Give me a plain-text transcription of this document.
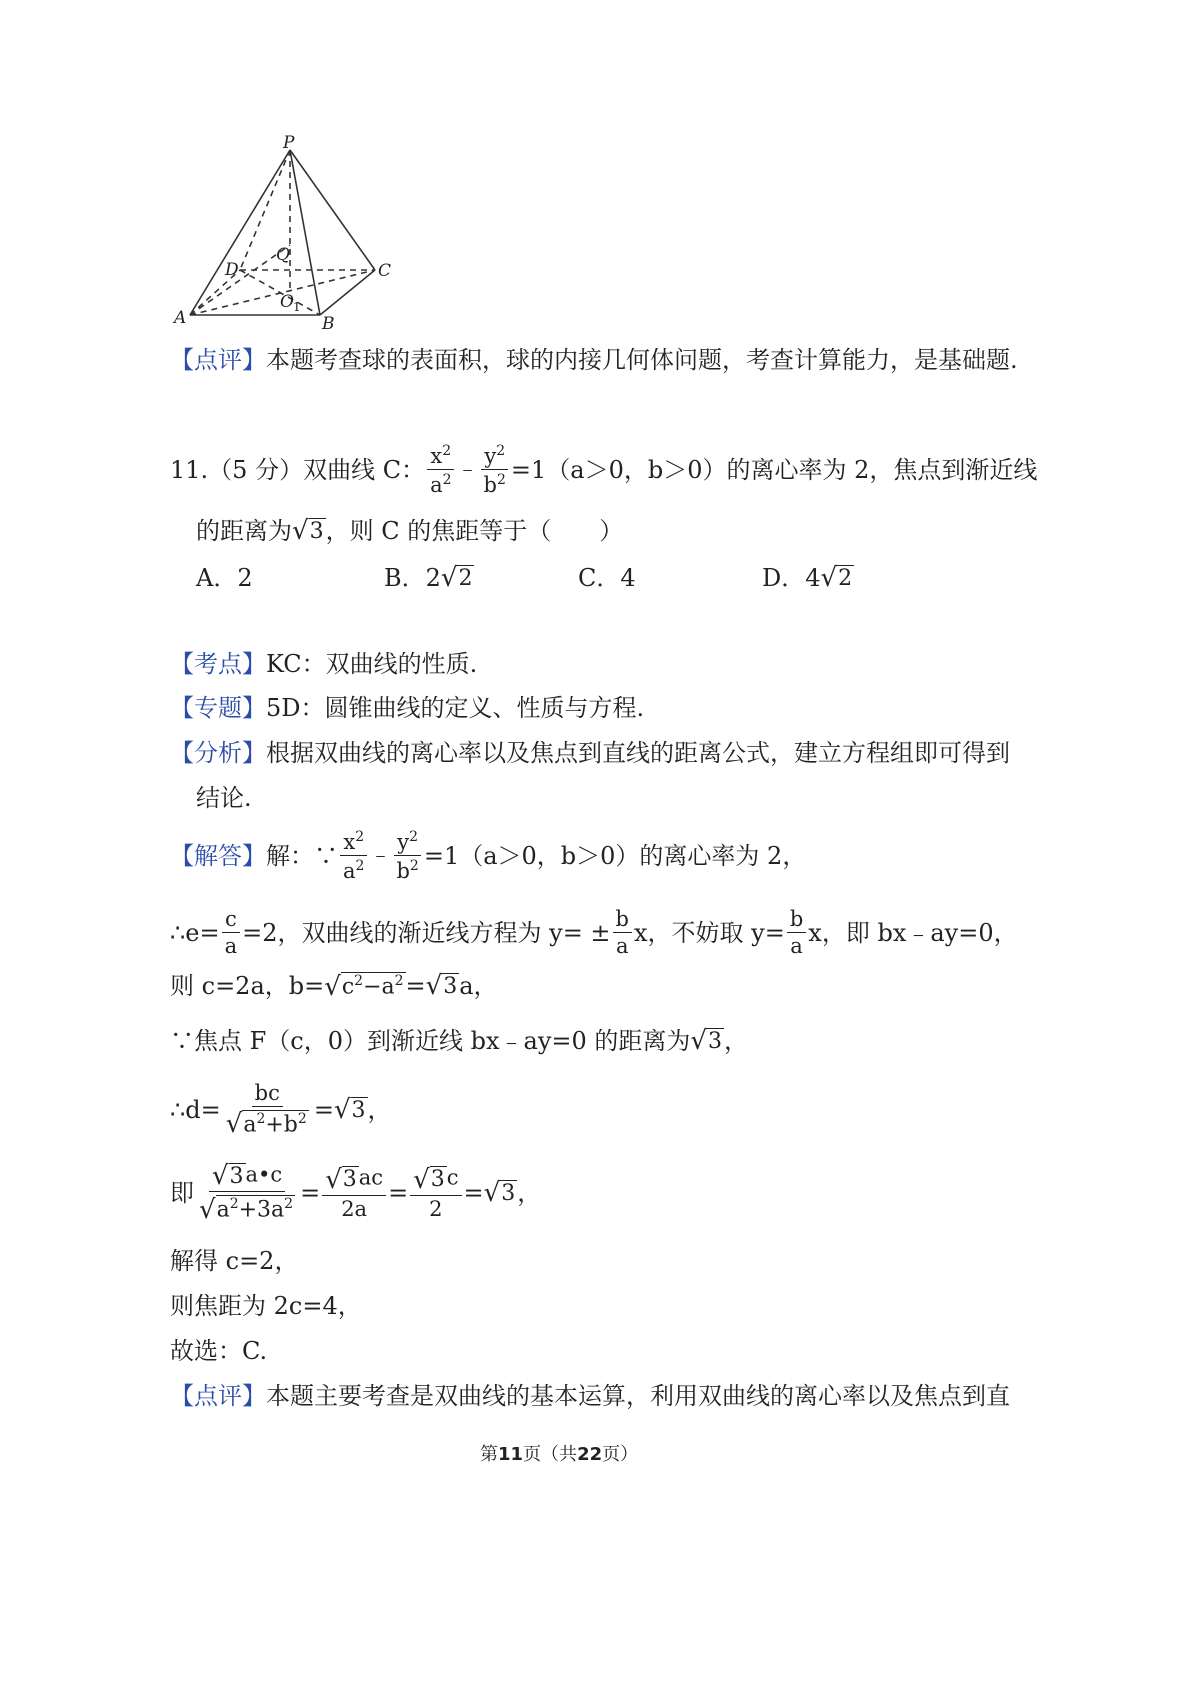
P
Q
D	C
O 1
A	B
【点评】本题考查球的表面积，球的内接几何体问题，考查计算能力，是基础题.
11.（5 分）双曲线 C： $\frac{x^2}{a^2}$ ﹣ $\frac{y^2}{b^2} =1(a>0$，b＞0）的离心率为 2，焦点到渐近线
的距离为 √ 3 ，则 C 的焦距等于（　　）
A．2	B．2 √ 2	C．4	D．4 √ 2
【考点】KC：双曲线的性质.
【专题】5D：圆锥曲线的定义、性质与方程.
【分析】根据双曲线的离心率以及焦点到直线的距离公式，建立方程组即可得到
结论.
【解答】 解：∵ $\frac{x^2}{a^2}$ ﹣ $\frac{y^2}{b^2} =1(a>0$，b＞0）的离心率为 2，
∴e= $\frac{c}{a} =2$，双曲线的渐近线方程为 $y= \pm \frac{b}{a}$ x，不妨取 $y= \frac{b}{a}$ x，即 bx﹣ay=0，
则 c=2a，b= √ $c^2-a^2$ = √ 3 a，
∵焦点 F（c，0）到渐近线 bx﹣ay=0 的距离为 √ 3 ，
∴d= $\frac{bc}{√ a^2+b^2}$ = √ 3 ，
即 $\frac{√ 3 a•c}{√ a^2+3a^2} = \frac{√ 3 ac}{2a} = \frac{√ 3 c}{2}$ = √ 3 ，
解得 c=2，
则焦距为 2c=4，
故选：C.
【点评】本题主要考查是双曲线的基本运算，利用双曲线的离心率以及焦点到直
第11页（共22页）
